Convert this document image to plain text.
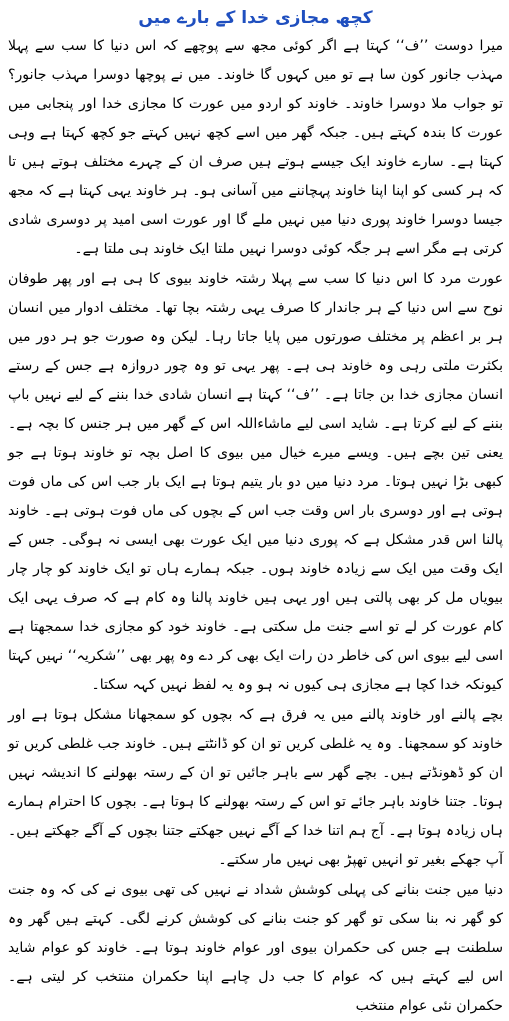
کچھ مجازی خدا کے بارے میں

میرا دوست ’’ف‘‘ کہتا ہے اگر کوئی مجھ سے پوچھے کہ اس دنیا کا سب سے پہلا مہذب جانور کون سا ہے تو میں کہوں گا خاوند۔ میں نے پوچھا دوسرا مہذب جانور؟ تو جواب ملا دوسرا خاوند۔ خاوند کو اردو میں عورت کا مجازی خدا اور پنجابی میں عورت کا بندہ کہتے ہیں۔ جبکہ گھر میں اسے کچھ نہیں کہتے جو کچھ کہتا ہے وہی کہتا ہے۔ سارے خاوند ایک جیسے ہوتے ہیں صرف ان کے چہرے مختلف ہوتے ہیں تا کہ ہر کسی کو اپنا اپنا خاوند پہچاننے میں آسانی ہو۔ ہر خاوند یہی کہتا ہے کہ مجھ جیسا دوسرا خاوند پوری دنیا میں نہیں ملے گا اور عورت اسی امید پر دوسری شادی کرتی ہے مگر اسے ہر جگہ کوئی دوسرا نہیں ملتا ایک خاوند ہی ملتا ہے۔

عورت مرد کا اس دنیا کا سب سے پہلا رشتہ خاوند بیوی کا ہی ہے اور پھر طوفان نوح سے اس دنیا کے ہر جاندار کا صرف یہی رشتہ بچا تھا۔ مختلف ادوار میں انسان ہر بر اعظم پر مختلف صورتوں میں پایا جاتا رہا۔ لیکن وہ صورت جو ہر دور میں بکثرت ملتی رہی وہ خاوند ہی ہے۔ پھر یہی تو وہ چور دروازہ ہے جس کے رستے انسان مجازی خدا بن جاتا ہے۔ ’’ف‘‘ کہتا ہے انسان شادی خدا بننے کے لیے نہیں باپ بننے کے لیے کرتا ہے۔ شاید اسی لیے ماشاءاللہ اس کے گھر میں ہر جنس کا بچہ ہے۔ یعنی تین بچے ہیں۔ ویسے میرے خیال میں بیوی کا اصل بچہ تو خاوند ہوتا ہے جو کبھی بڑا نہیں ہوتا۔ مرد دنیا میں دو بار یتیم ہوتا ہے ایک بار جب اس کی ماں فوت ہوتی ہے اور دوسری بار اس وقت جب اس کے بچوں کی ماں فوت ہوتی ہے۔ خاوند پالنا اس قدر مشکل ہے کہ پوری دنیا میں ایک عورت بھی ایسی نہ ہوگی۔ جس کے ایک وقت میں ایک سے زیادہ خاوند ہوں۔ جبکہ ہمارے ہاں تو ایک خاوند کو چار چار بیویاں مل کر بھی پالتی ہیں اور یہی ہیں خاوند پالنا وہ کام ہے کہ صرف یہی ایک کام عورت کر لے تو اسے جنت مل سکتی ہے۔ خاوند خود کو مجازی خدا سمجھتا ہے اسی لیے بیوی اس کی خاطر دن رات ایک بھی کر دے وہ پھر بھی ’’شکریہ‘‘ نہیں کہتا کیونکہ خدا کچا ہے مجازی ہی کیوں نہ ہو وہ یہ لفظ نہیں کہہ سکتا۔

بچے پالنے اور خاوند پالنے میں یہ فرق ہے کہ بچوں کو سمجھانا مشکل ہوتا ہے اور خاوند کو سمجھنا۔ وہ یہ غلطی کریں تو ان کو ڈانٹتے ہیں۔ خاوند جب غلطی کریں تو ان کو ڈھونڈتے ہیں۔ بچے گھر سے باہر جائیں تو ان کے رستہ بھولنے کا اندیشہ نہیں ہوتا۔ جتنا خاوند باہر جائے تو اس کے رستہ بھولنے کا ہوتا ہے۔ بچوں کا احترام ہمارے ہاں زیادہ ہوتا ہے۔ آج ہم اتنا خدا کے آگے نہیں جھکتے جتنا بچوں کے آگے جھکتے ہیں۔ آپ جھکے بغیر تو انہیں تھپڑ بھی نہیں مار سکتے۔

دنیا میں جنت بنانے کی پہلی کوشش شداد نے نہیں کی تھی بیوی نے کی کہ وہ جنت کو گھر نہ بنا سکی تو گھر کو جنت بنانے کی کوشش کرنے لگی۔ کہتے ہیں گھر وہ سلطنت ہے جس کی حکمران بیوی اور عوام خاوند ہوتا ہے۔ خاوند کو عوام شاید اس لیے کہتے ہیں کہ عوام کا جب دل چاہے اپنا حکمران منتخب کر لیتی ہے۔ حکمران نئی عوام منتخب
